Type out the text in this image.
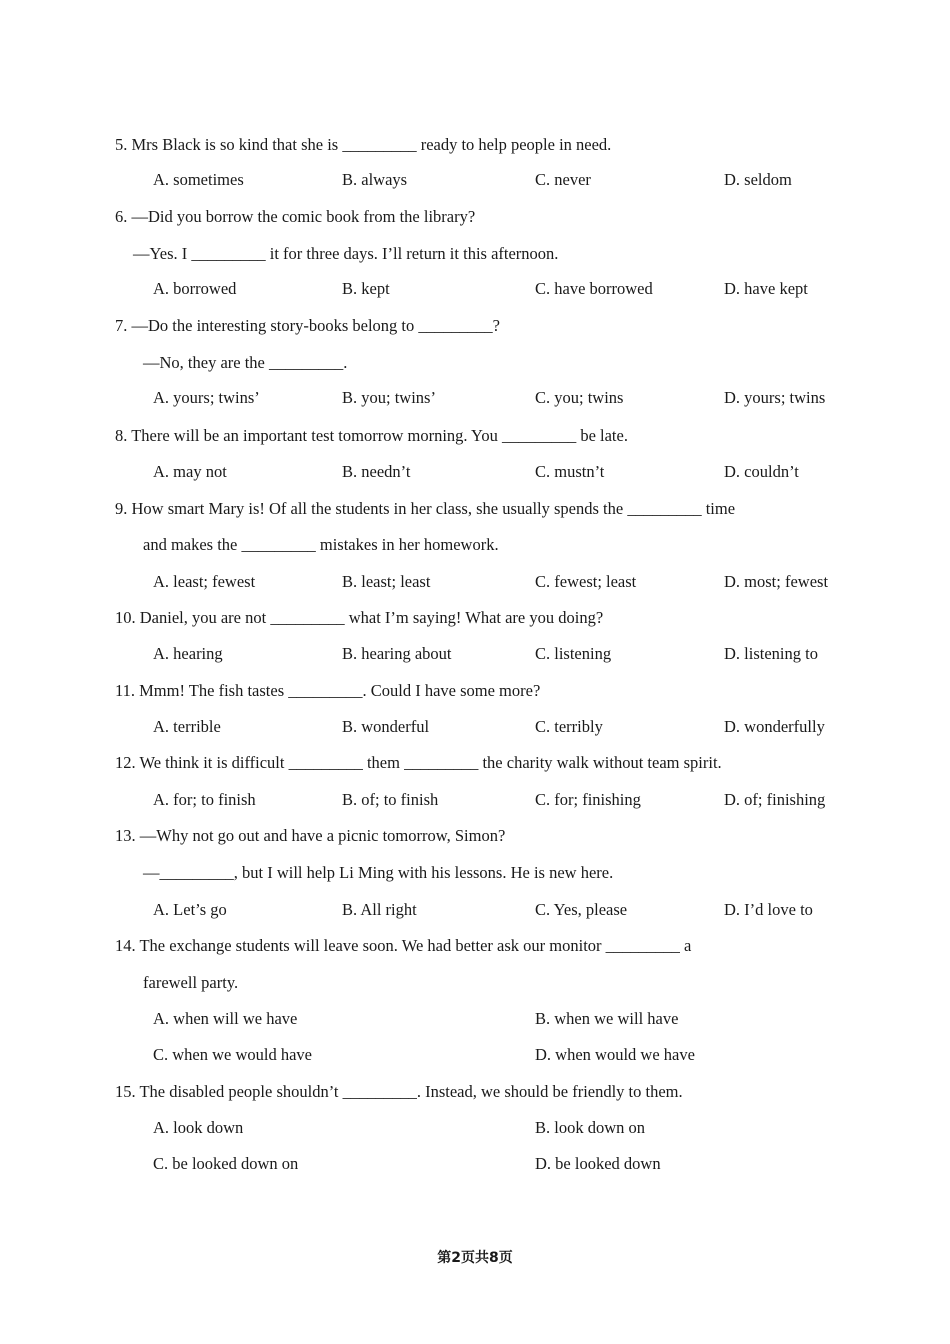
5. Mrs Black is so kind that she is _________ ready to help people in need.
A. sometimes	B. always	C. never	D. seldom
6. —Did you borrow the comic book from the library?
—Yes. I _________ it for three days. I’ll return it this afternoon.
A. borrowed	B. kept	C. have borrowed	D. have kept
7. —Do the interesting story-books belong to _________?
—No, they are the _________.
A. yours; twins’	B. you; twins’	C. you; twins	D. yours; twins
8. There will be an important test tomorrow morning. You _________ be late.
A. may not	B. needn’t	C. mustn’t	D. couldn’t
9. How smart Mary is! Of all the students in her class, she usually spends the _________ time
and makes the _________ mistakes in her homework.
A. least; fewest	B. least; least	C. fewest; least	D. most; fewest
10. Daniel, you are not _________ what I’m saying! What are you doing?
A. hearing	B. hearing about	C. listening	D. listening to
11. Mmm! The fish tastes _________. Could I have some more?
A. terrible	B. wonderful	C. terribly	D. wonderfully
12. We think it is difficult _________ them _________ the charity walk without team spirit.
A. for; to finish	B. of; to finish	C. for; finishing	D. of; finishing
13. —Why not go out and have a picnic tomorrow, Simon?
—_________, but I will help Li Ming with his lessons. He is new here.
A. Let’s go	B. All right	C. Yes, please	D. I’d love to
14. The exchange students will leave soon. We had better ask our monitor _________ a
farewell party.
A. when will we have	B. when we will have
C. when we would have	D. when would we have
15. The disabled people shouldn’t _________. Instead, we should be friendly to them.
A. look down	B. look down on
C. be looked down on	D. be looked down
第2页共8页
